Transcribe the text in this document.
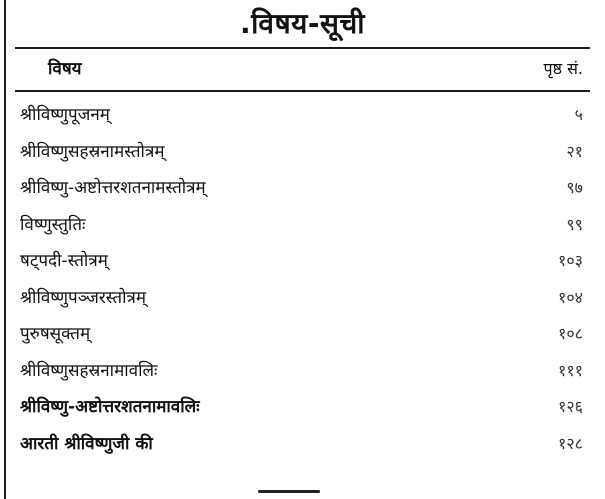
.विषय-सूची
विषय	पृष्ठ सं.
श्रीविष्णुपूजनम्	५
श्रीविष्णुसहस्रनामस्तोत्रम्	२१
श्रीविष्णु-अष्टोत्तरशतनामस्तोत्रम्	९७
विष्णुस्तुतिः	९९
षट्पदी-स्तोत्रम्	१०३
श्रीविष्णुपञ्जरस्तोत्रम्	१०४
पुरुषसूक्तम्	१०८
श्रीविष्णुसहस्रनामावलिः	१११
श्रीविष्णु-अष्टोत्तरशतनामावलिः	१२६
आरती श्रीविष्णुजी की	१२८
